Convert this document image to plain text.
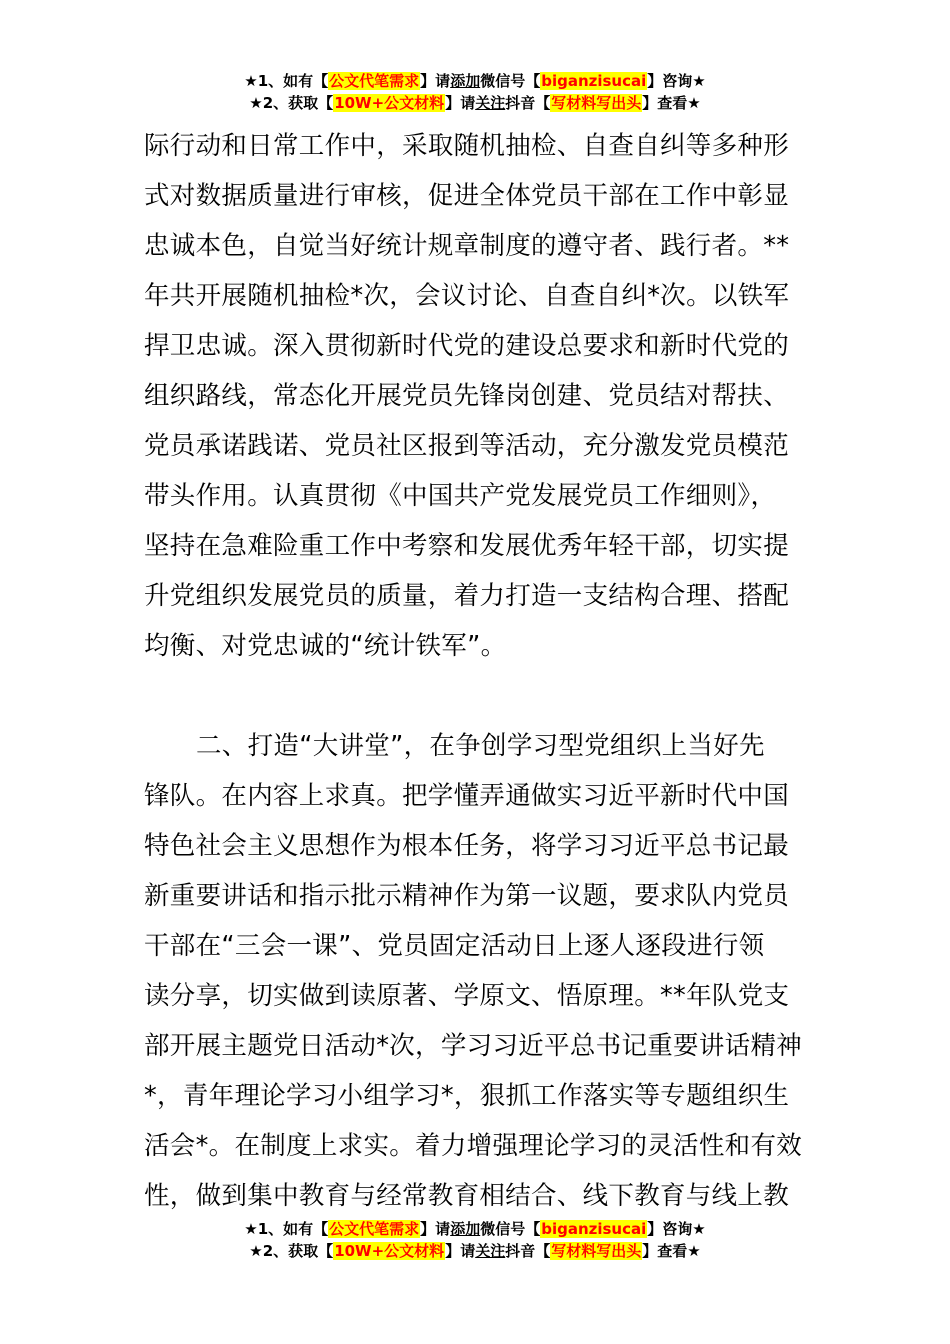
★1、如有【公文代笔需求】请添加微信号【biganzisucai】咨询★
★2、获取【10W+公文材料】请关注抖音【写材料写出头】查看★
际行动和日常工作中，采取随机抽检、自查自纠等多种形
式对数据质量进行审核，促进全体党员干部在工作中彰显
忠诚本色，自觉当好统计规章制度的遵守者、践行者。**
年共开展随机抽检*次，会议讨论、自查自纠*次。以铁军
捍卫忠诚。深入贯彻新时代党的建设总要求和新时代党的
组织路线，常态化开展党员先锋岗创建、党员结对帮扶、
党员承诺践诺、党员社区报到等活动，充分激发党员模范
带头作用。认真贯彻《中国共产党发展党员工作细则》，
坚持在急难险重工作中考察和发展优秀年轻干部，切实提
升党组织发展党员的质量，着力打造一支结构合理、搭配
均衡、对党忠诚的“统计铁军”。
二、打造“大讲堂”，在争创学习型党组织上当好先
锋队。在内容上求真。把学懂弄通做实习近平新时代中国
特色社会主义思想作为根本任务，将学习习近平总书记最
新重要讲话和指示批示精神作为第一议题，要求队内党员
干部在“三会一课”、党员固定活动日上逐人逐段进行领
读分享，切实做到读原著、学原文、悟原理。**年队党支
部开展主题党日活动*次，学习习近平总书记重要讲话精神
*，青年理论学习小组学习*，狠抓工作落实等专题组织生
活会*。在制度上求实。着力增强理论学习的灵活性和有效
性，做到集中教育与经常教育相结合、线下教育与线上教
★1、如有【公文代笔需求】请添加微信号【biganzisucai】咨询★
★2、获取【10W+公文材料】请关注抖音【写材料写出头】查看★
